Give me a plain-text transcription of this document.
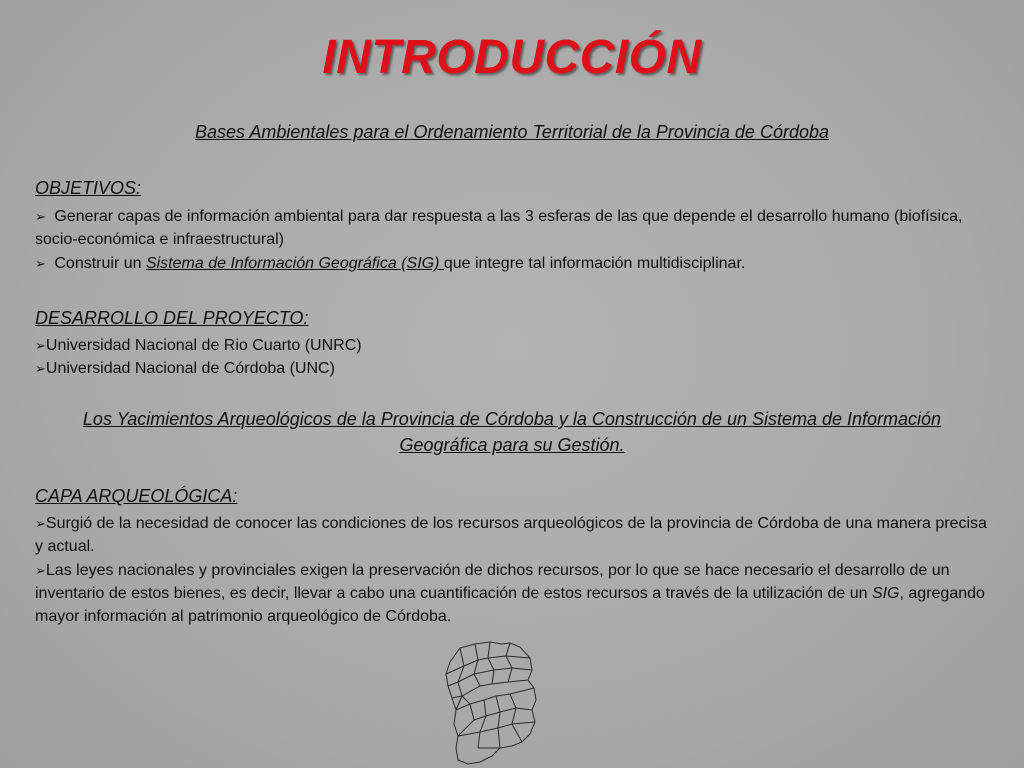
INTRODUCCIÓN
Bases Ambientales para el Ordenamiento Territorial de la Provincia de Córdoba
OBJETIVOS:
➢ Generar capas de información ambiental para dar respuesta a las 3 esferas de las que depende el desarrollo humano (biofísica, socio-económica e infraestructural)
➢ Construir un Sistema de Información Geográfica (SIG) que integre tal información multidisciplinar.
DESARROLLO DEL PROYECTO:
➢Universidad Nacional de Rio Cuarto (UNRC)
➢Universidad Nacional de Córdoba (UNC)
Los Yacimientos Arqueológicos de la Provincia de Córdoba y la Construcción de un Sistema de Información Geográfica para su Gestión.
CAPA ARQUEOLÓGICA:
➢Surgió de la necesidad de conocer las condiciones de los recursos arqueológicos de la provincia de Córdoba de una manera precisa y actual.
➢Las leyes nacionales y provinciales exigen la preservación de dichos recursos, por lo que se hace necesario el desarrollo de un inventario de estos bienes, es decir, llevar a cabo una cuantificación de estos recursos a través de la utilización de un SIG, agregando mayor información al patrimonio arqueológico de Córdoba.
